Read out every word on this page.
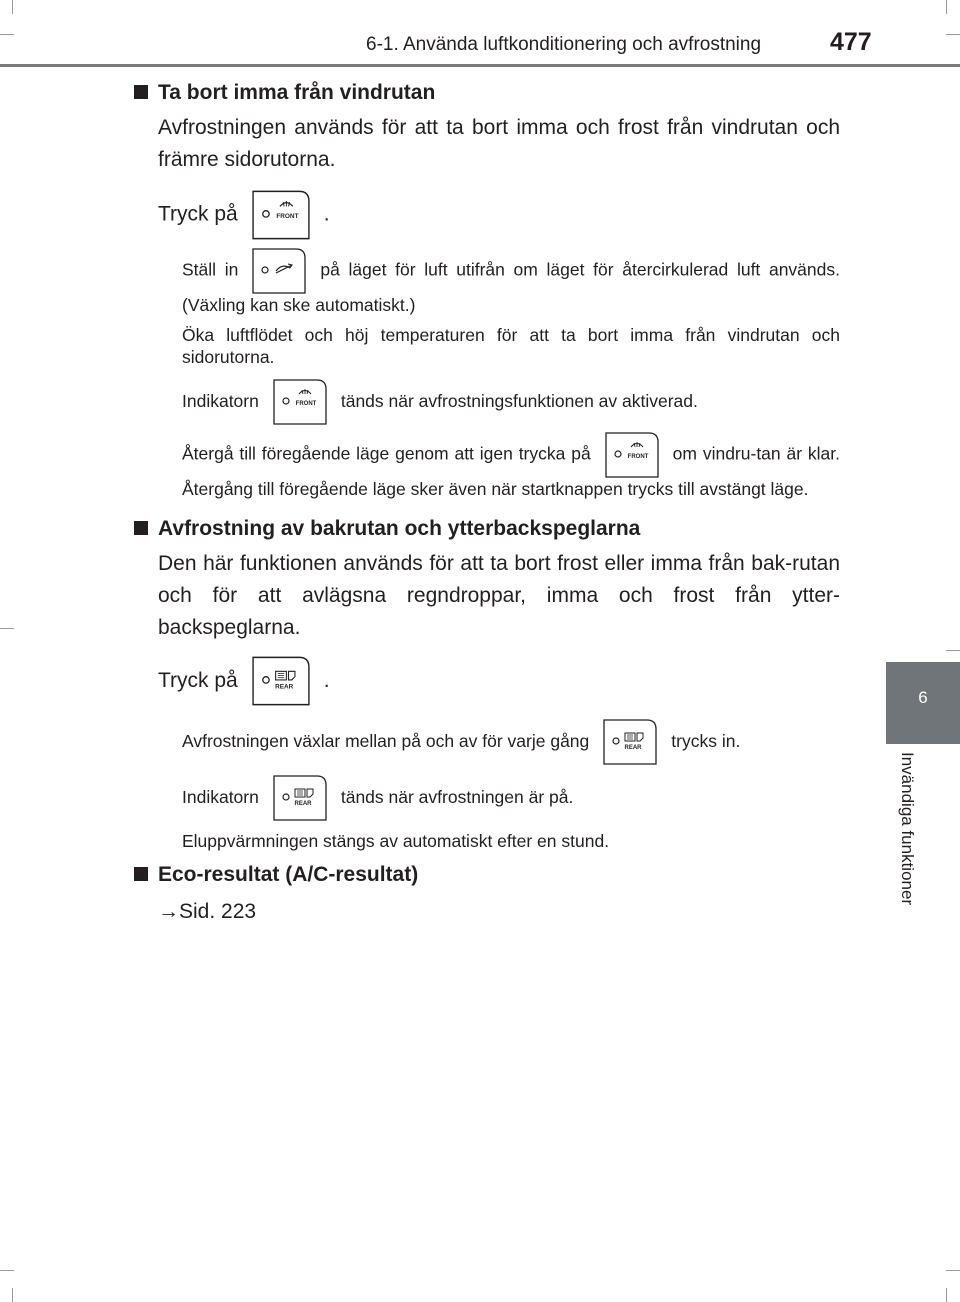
6-1. Använda luftkonditionering och avfrostning	477
6
Invändiga funktioner
Ta bort imma från vindrutan
Avfrostningen används för att ta bort imma och frost från vindrutan och främre sidorutorna.
Tryck på	FRONT .
Ställ in	på läget för luft utifrån om läget för återcirkulerad luft används. (Växling kan ske automatiskt.)
Öka luftflödet och höj temperaturen för att ta bort imma från vindrutan och sidorutorna.
Indikatorn	FRONT tänds när avfrostningsfunktionen av aktiverad.
Återgå till föregående läge genom att igen trycka på	FRONT om vindru-tan är klar. Återgång till föregående läge sker även när startknappen trycks till avstängt läge.
Avfrostning av bakrutan och ytterbackspeglarna
Den här funktionen används för att ta bort frost eller imma från bak-rutan och för att avlägsna regndroppar, imma och frost från ytter-backspeglarna.
Tryck på	REAR .
Avfrostningen växlar mellan på och av för varje gång	REAR trycks in.
Indikatorn	REAR tänds när avfrostningen är på.
Eluppvärmningen stängs av automatiskt efter en stund.
Eco-resultat (A/C-resultat)
→Sid. 223
